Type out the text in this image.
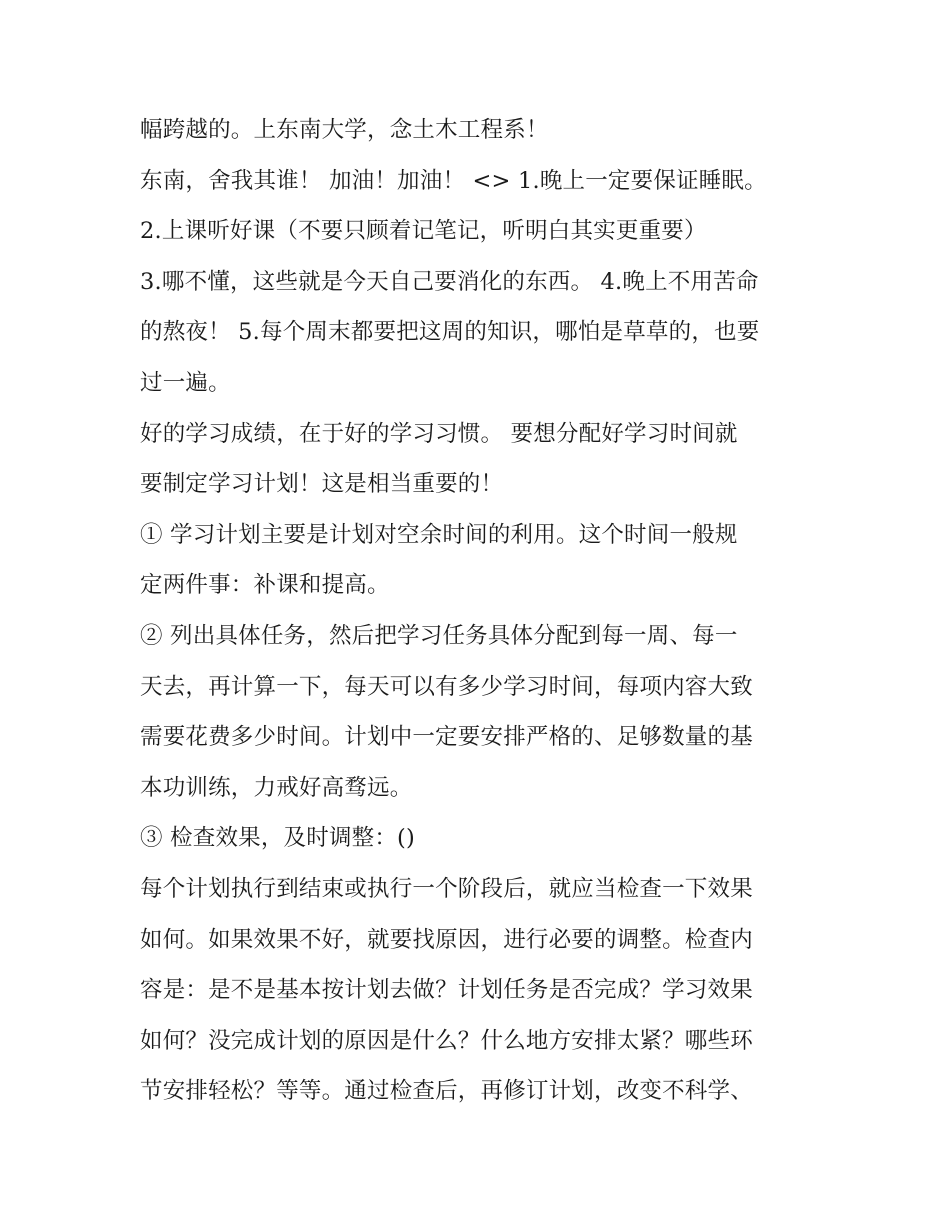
幅跨越的。上东南大学，念土木工程系！
东南，舍我其谁！ 加油！加油！ <> 1.晚上一定要保证睡眠。
2.上课听好课（不要只顾着记笔记，听明白其实更重要）
3.哪不懂，这些就是今天自己要消化的东西。 4.晚上不用苦命
的熬夜！ 5.每个周末都要把这周的知识，哪怕是草草的，也要
过一遍。
好的学习成绩，在于好的学习习惯。 要想分配好学习时间就
要制定学习计划！这是相当重要的！
① 学习计划主要是计划对空余时间的利用。这个时间一般规
定两件事：补课和提高。
② 列出具体任务，然后把学习任务具体分配到每一周、每一
天去，再计算一下，每天可以有多少学习时间，每项内容大致
需要花费多少时间。计划中一定要安排严格的、足够数量的基
本功训练，力戒好高骛远。
③ 检查效果，及时调整：()
每个计划执行到结束或执行一个阶段后，就应当检查一下效果
如何。如果效果不好，就要找原因，进行必要的调整。检查内
容是：是不是基本按计划去做？计划任务是否完成？学习效果
如何？没完成计划的原因是什么？什么地方安排太紧？哪些环
节安排轻松？等等。通过检查后，再修订计划，改变不科学、
